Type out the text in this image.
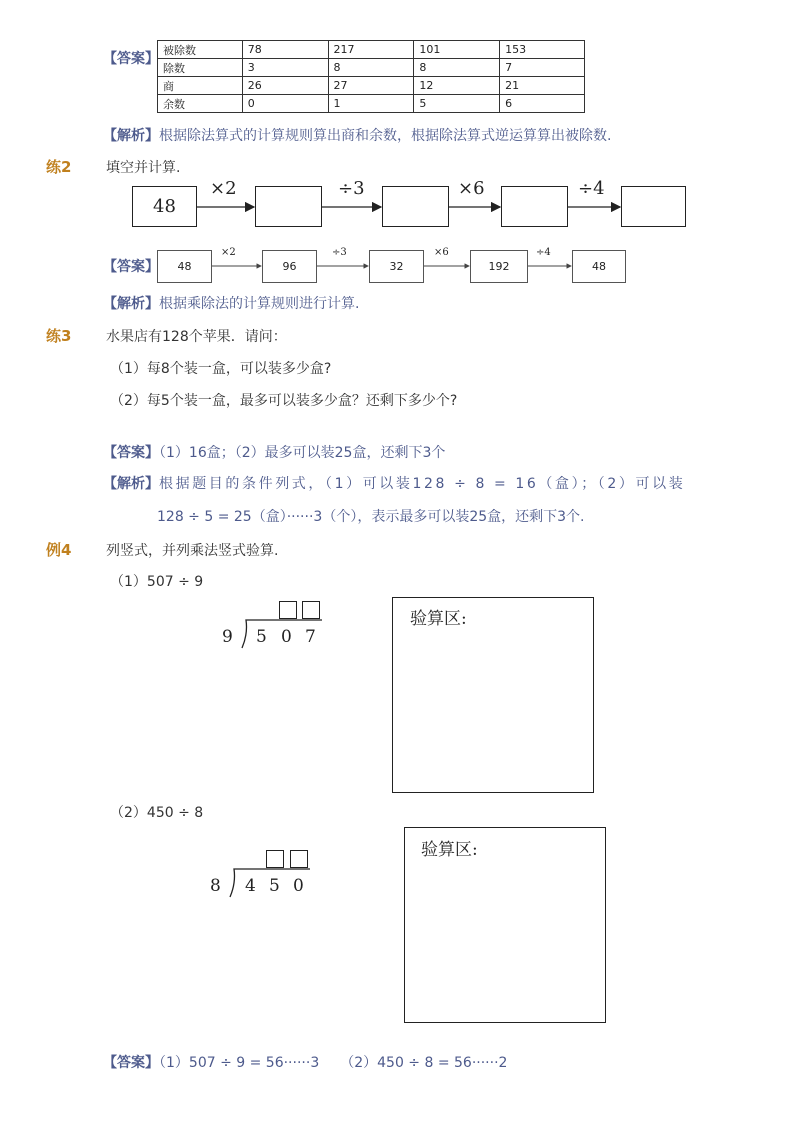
【答案】
被除数	78	217	101	153
除数	3	8	8	7
商	26	27	12	21
余数	0	1	5	6
【解析】根据除法算式的计算规则算出商和余数，根据除法算式逆运算算出被除数.
练2 填空并计算.
48
×2	÷3	×6	÷4
【答案】	48	96	32	192	48
×2	÷3	×6	÷4
【解析】根据乘除法的计算规则进行计算.
练3 水果店有128个苹果．请问：
（1）每8个装一盒，可以装多少盒?
（2）每5个装一盒，最多可以装多少盒？还剩下多少个?
【答案】（1）16盒；（2）最多可以装25盒，还剩下3个
【解析】根据题目的条件列式，（1）可以装128 ÷ 8 = 16（盒）；（2）可以装
128 ÷ 5 = 25（盒）······3（个），表示最多可以装25盒，还剩下3个.
例4 列竖式，并列乘法竖式验算.
（1）507 ÷ 9
9 5 0 7
验算区:
（2）450 ÷ 8
8 4 5 0
验算区:
【答案】（1）507 ÷ 9 = 56······3　　（2）450 ÷ 8 = 56······2
